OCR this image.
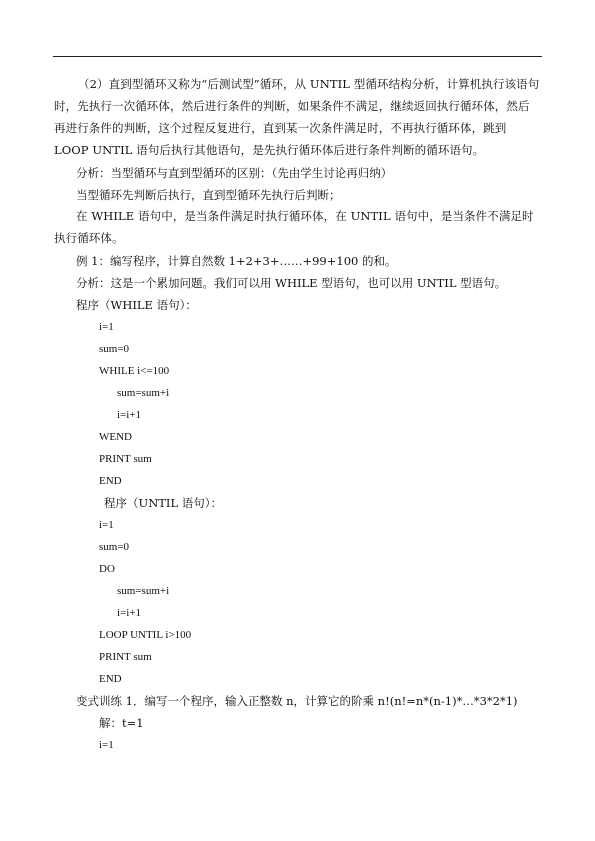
（2）直到型循环又称为“后测试型”循环，从 UNTIL 型循环结构分析，计算机执行该语句时，先执行一次循环体，然后进行条件的判断，如果条件不满足，继续返回执行循环体，然后再进行条件的判断，这个过程反复进行，直到某一次条件满足时，不再执行循环体，跳到 LOOP UNTIL 语句后执行其他语句，是先执行循环体后进行条件判断的循环语句。

分析：当型循环与直到型循环的区别：（先由学生讨论再归纳）
当型循环先判断后执行，直到型循环先执行后判断；

在 WHILE 语句中，是当条件满足时执行循环体，在 UNTIL 语句中，是当条件不满足时执行循环体。

例 1：编写程序，计算自然数 1+2+3+……+99+100 的和。
分析：这是一个累加问题。我们可以用 WHILE 型语句，也可以用 UNTIL 型语句。
程序（WHILE 语句）：
i=1
sum=0
WHILE i<=100
sum=sum+i
i=i+1
WEND
PRINT sum
END
程序（UNTIL 语句）：
i=1
sum=0
DO
sum=sum+i
i=i+1
LOOP UNTIL i>100
PRINT sum
END
变式训练 1．编写一个程序，输入正整数 n，计算它的阶乘 n!(n!=n*(n-1)*…*3*2*1)
解：t=1
i=1
